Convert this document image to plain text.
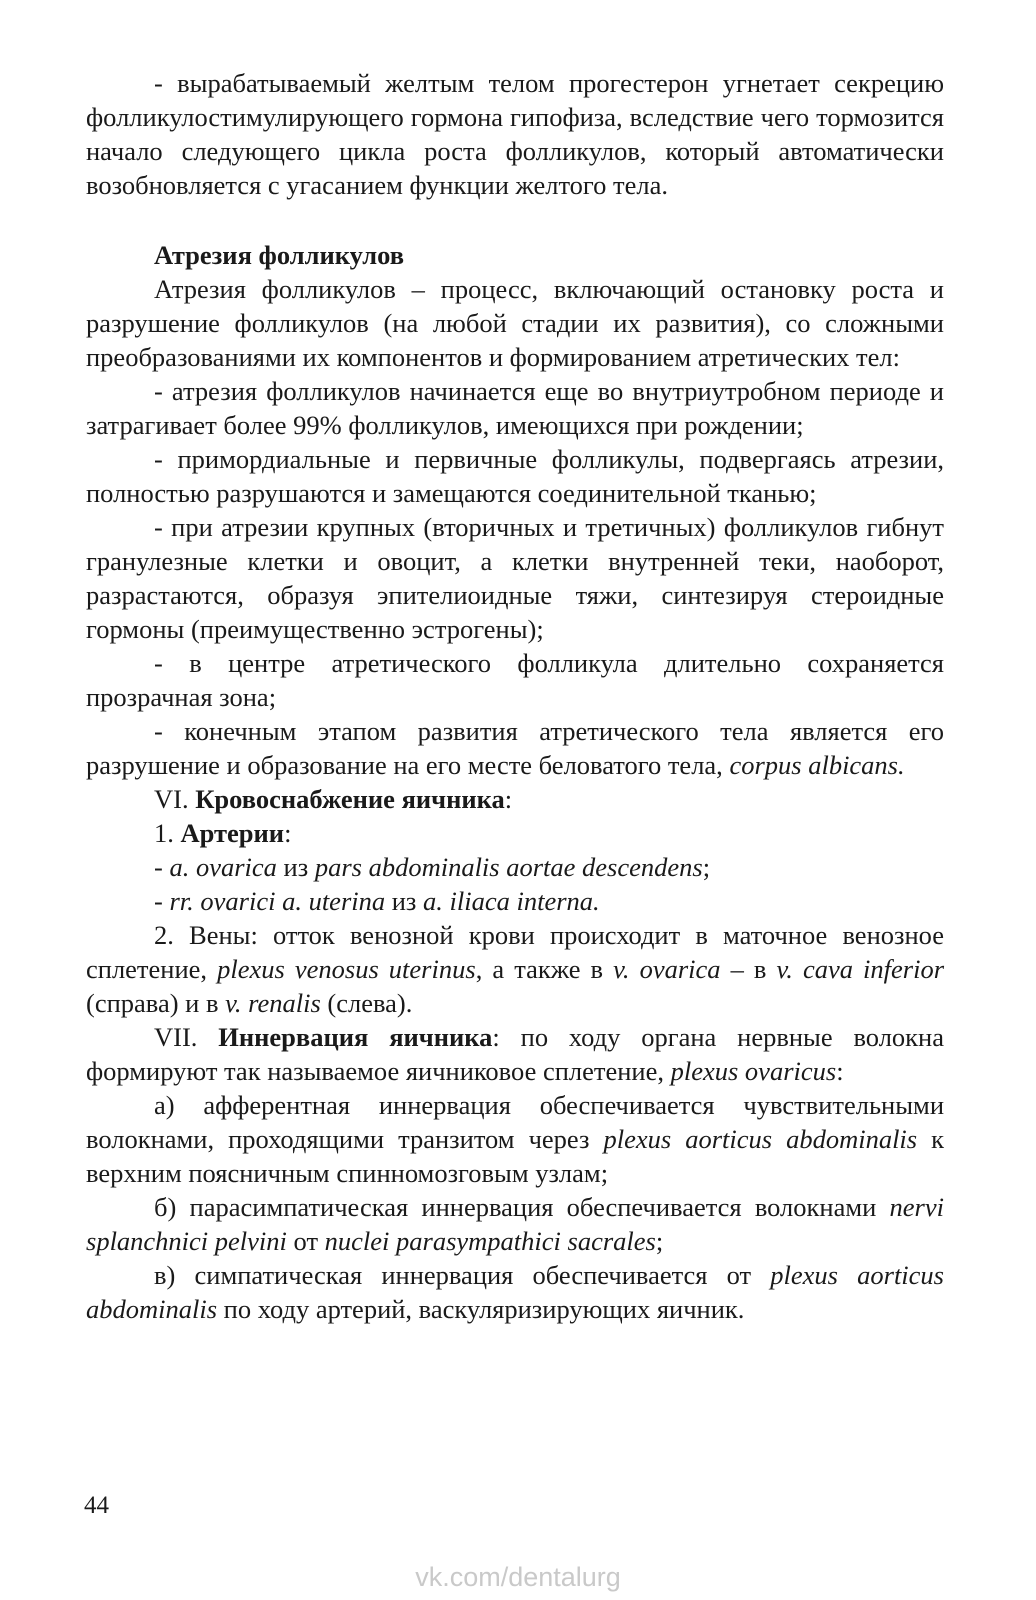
- вырабатываемый желтым телом прогестерон угнетает секрецию фолликулостимулирующего гормона гипофиза, вследствие чего тормозится начало следующего цикла роста фолликулов, который автоматически возобновляется с угасанием функции желтого тела.

Атрезия фолликулов

Атрезия фолликулов – процесс, включающий остановку роста и разрушение фолликулов (на любой стадии их развития), со сложными преобразованиями их компонентов и формированием атретических тел:

- атрезия фолликулов начинается еще во внутриутробном периоде и затрагивает более 99% фолликулов, имеющихся при рождении;

- примордиальные и первичные фолликулы, подвергаясь атрезии, полностью разрушаются и замещаются соединительной тканью;

- при атрезии крупных (вторичных и третичных) фолликулов гибнут гранулезные клетки и овоцит, а клетки внутренней теки, наоборот, разрастаются, образуя эпителиоидные тяжи, синтезируя стероидные гормоны (преимущественно эстрогены);

- в центре атретического фолликула длительно сохраняется прозрачная зона;

- конечным этапом развития атретического тела является его разрушение и образование на его месте беловатого тела, corpus albicans.

VI. Кровоснабжение яичника:

1. Артерии:

- a. ovarica из pars abdominalis aortae descendens;

- rr. ovarici a. uterina из a. iliaca interna.

2. Вены: отток венозной крови происходит в маточное венозное сплетение, plexus venosus uterinus, а также в v. ovarica – в v. cava inferior (справа) и в v. renalis (слева).

VII. Иннервация яичника: по ходу органа нервные волокна формируют так называемое яичниковое сплетение, plexus ovaricus:

а) афферентная иннервация обеспечивается чувствительными волокнами, проходящими транзитом через plexus aorticus abdominalis к верхним поясничным спинномозговым узлам;

б) парасимпатическая иннервация обеспечивается волокнами nervi splanchnici pelvini от nuclei parasympathici sacrales;

в) симпатическая иннервация обеспечивается от plexus aorticus abdominalis по ходу артерий, васкуляризирующих яичник.

44
vk.com/dentalurg
